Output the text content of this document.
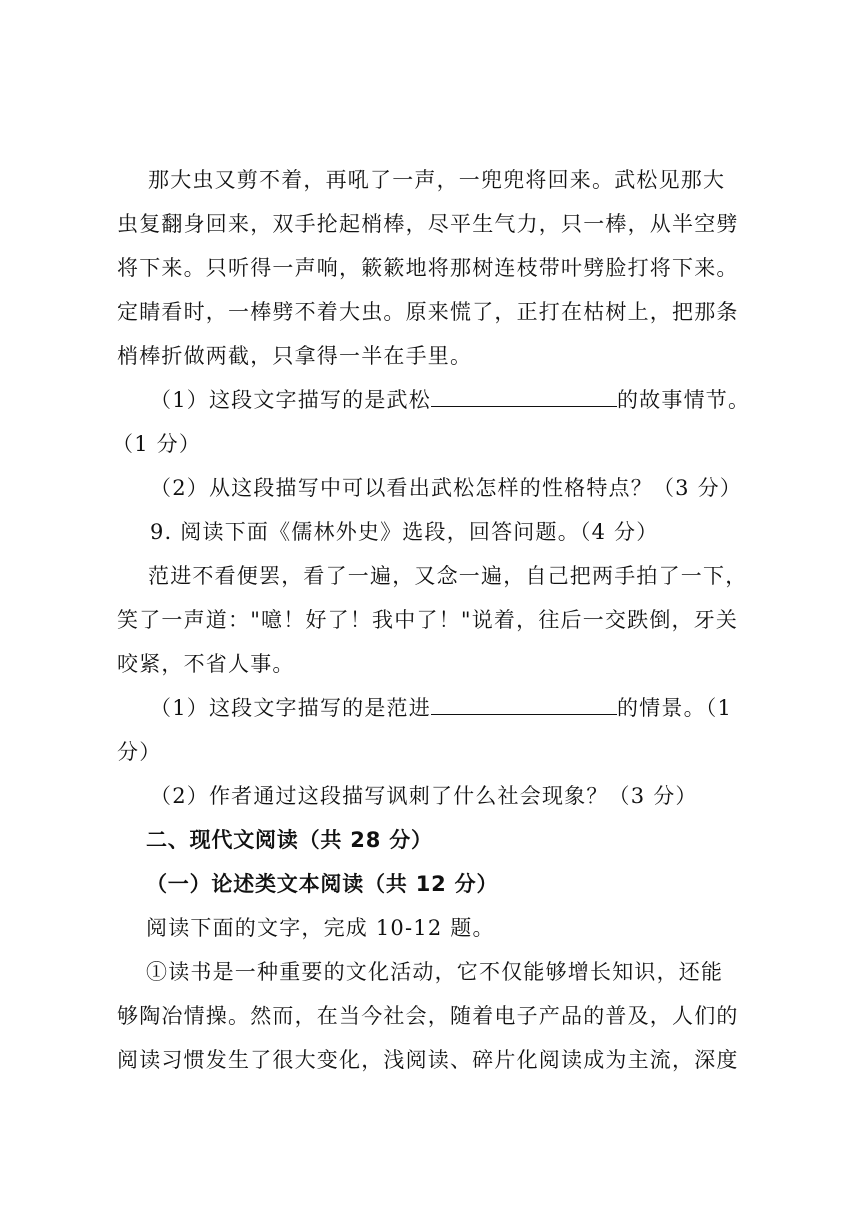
那大虫又剪不着，再吼了一声，一兜兜将回来。武松见那大
虫复翻身回来，双手抡起梢棒，尽平生气力，只一棒，从半空劈
将下来。只听得一声响，簌簌地将那树连枝带叶劈脸打将下来。
定睛看时，一棒劈不着大虫。原来慌了，正打在枯树上，把那条
梢棒折做两截，只拿得一半在手里。
（1）这段文字描写的是武松	的故事情节。
（1 分）
（2）从这段描写中可以看出武松怎样的性格特点？（3 分）
9. 阅读下面《儒林外史》选段，回答问题。（4 分）
范进不看便罢，看了一遍，又念一遍，自己把两手拍了一下，
笑了一声道："噫！好了！我中了！"说着，往后一交跌倒，牙关
咬紧，不省人事。
（1）这段文字描写的是范进	的情景。（1
分）
（2）作者通过这段描写讽刺了什么社会现象？（3 分）
二、现代文阅读（共 28 分）
（一）论述类文本阅读（共 12 分）
阅读下面的文字，完成 10-12 题。
①读书是一种重要的文化活动，它不仅能够增长知识，还能
够陶冶情操。然而，在当今社会，随着电子产品的普及，人们的
阅读习惯发生了很大变化，浅阅读、碎片化阅读成为主流，深度
